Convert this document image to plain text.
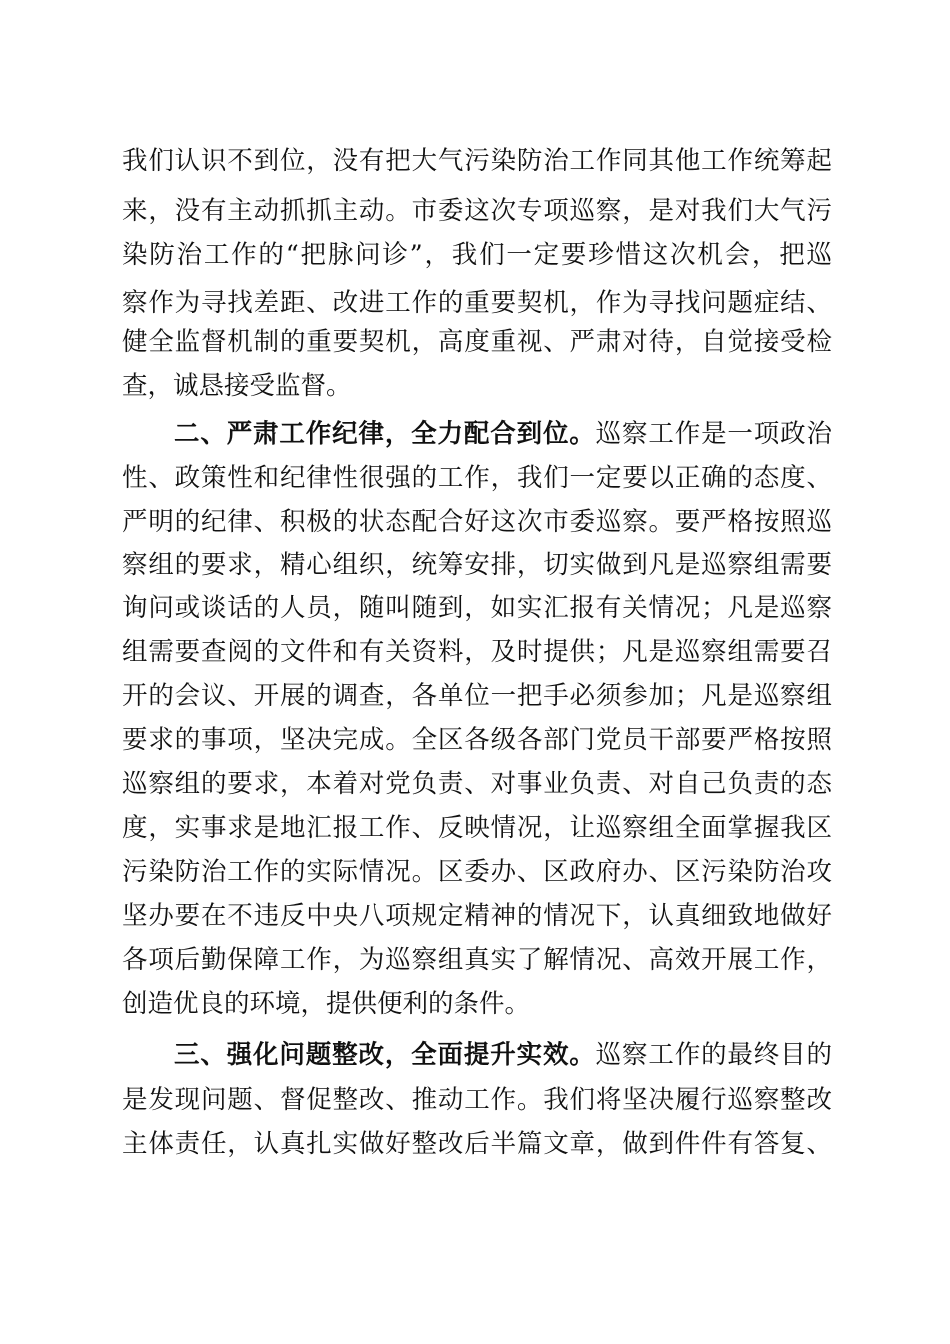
我们认识不到位，没有把大气污染防治工作同其他工作统筹起
来，没有主动抓抓主动。市委这次专项巡察，是对我们大气污
染防治工作的“把脉问诊”，我们一定要珍惜这次机会，把巡
察作为寻找差距、改进工作的重要契机，作为寻找问题症结、
健全监督机制的重要契机，高度重视、严肃对待，自觉接受检
查，诚恳接受监督。
二、严肃工作纪律，全力配合到位。巡察工作是一项政治
性、政策性和纪律性很强的工作，我们一定要以正确的态度、
严明的纪律、积极的状态配合好这次市委巡察。要严格按照巡
察组的要求，精心组织，统筹安排，切实做到凡是巡察组需要
询问或谈话的人员，随叫随到，如实汇报有关情况；凡是巡察
组需要查阅的文件和有关资料，及时提供；凡是巡察组需要召
开的会议、开展的调查，各单位一把手必须参加；凡是巡察组
要求的事项，坚决完成。全区各级各部门党员干部要严格按照
巡察组的要求，本着对党负责、对事业负责、对自己负责的态
度，实事求是地汇报工作、反映情况，让巡察组全面掌握我区
污染防治工作的实际情况。区委办、区政府办、区污染防治攻
坚办要在不违反中央八项规定精神的情况下，认真细致地做好
各项后勤保障工作，为巡察组真实了解情况、高效开展工作，
创造优良的环境，提供便利的条件。
三、强化问题整改，全面提升实效。巡察工作的最终目的
是发现问题、督促整改、推动工作。我们将坚决履行巡察整改
主体责任，认真扎实做好整改后半篇文章，做到件件有答复、
